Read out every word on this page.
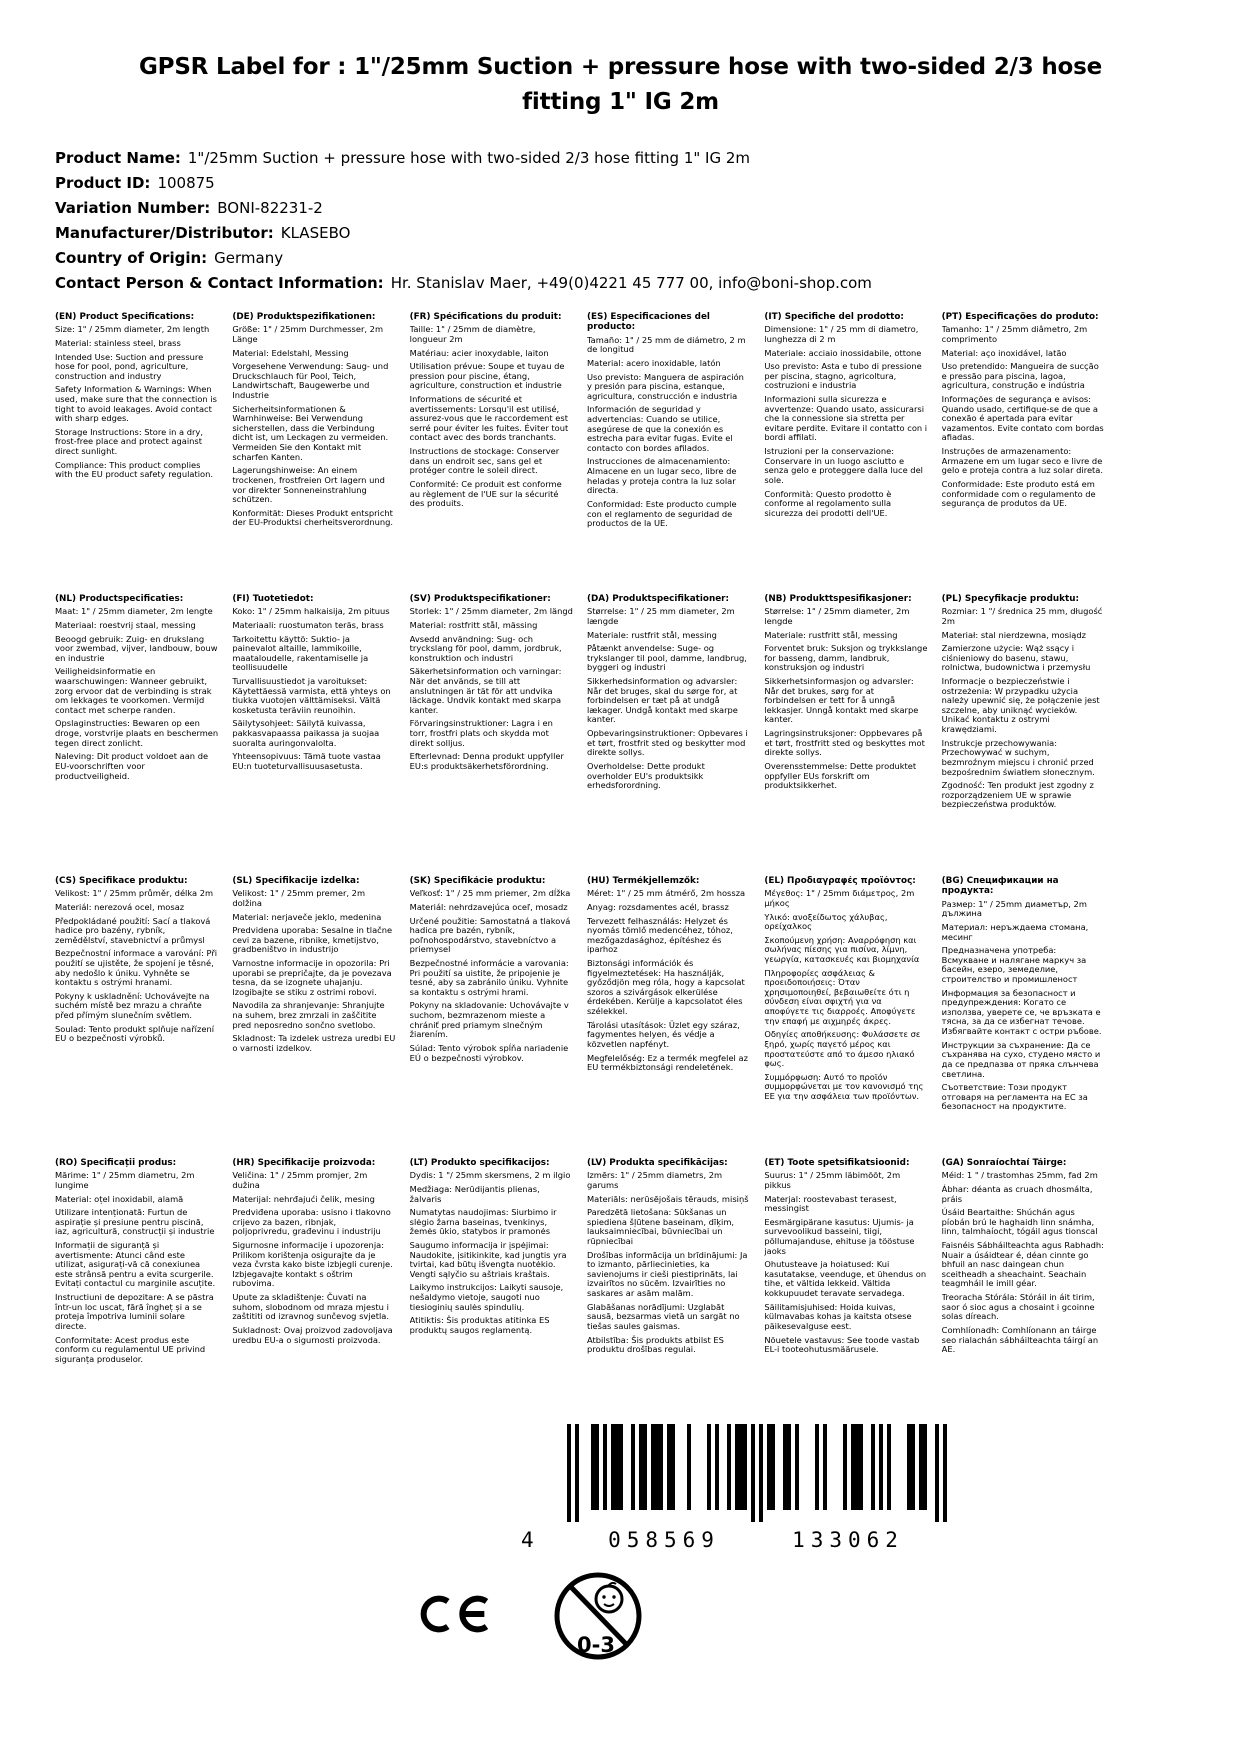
GPSR Label for : 1"/25mm Suction + pressure hose with two-sided 2/3 hose fitting 1" IG 2m
Product Name: 1"/25mm Suction + pressure hose with two-sided 2/3 hose fitting 1" IG 2m
Product ID: 100875
Variation Number: BONI-82231-2
Manufacturer/Distributor: KLASEBO
Country of Origin: Germany
Contact Person & Contact Information: Hr. Stanislav Maer, +49(0)4221 45 777 00, info@boni-shop.com
(EN) Product Specifications:

Size: 1" / 25mm diameter, 2m length

Material: stainless steel, brass

Intended Use: Suction and pressure hose for pool, pond, agriculture, construction and industry

Safety Information & Warnings: When used, make sure that the connection is tight to avoid leakages. Avoid contact with sharp edges.

Storage Instructions: Store in a dry, frost-free place and protect against direct sunlight.

Compliance: This product complies with the EU product safety regulation.

(DE) Produktspezifikationen:

Größe: 1" / 25mm Durchmesser, 2m Länge

Material: Edelstahl, Messing

Vorgesehene Verwendung: Saug- und Druckschlauch für Pool, Teich, Landwirtschaft, Baugewerbe und Industrie

Sicherheitsinformationen & Warnhinweise: Bei Verwendung sicherstellen, dass die Verbindung dicht ist, um Leckagen zu vermeiden. Vermeiden Sie den Kontakt mit scharfen Kanten.

Lagerungshinweise: An einem trockenen, frostfreien Ort lagern und vor direkter Sonneneinstrahlung schützen.

Konformität: Dieses Produkt entspricht der EU-Produktsi cherheitsverordnung.

(FR) Spécifications du produit:

Taille: 1" / 25mm de diamètre, longueur 2m

Matériau: acier inoxydable, laiton

Utilisation prévue: Soupe et tuyau de pression pour piscine, étang, agriculture, construction et industrie

Informations de sécurité et avertissements: Lorsqu'il est utilisé, assurez-vous que le raccordement est serré pour éviter les fuites. Éviter tout contact avec des bords tranchants.

Instructions de stockage: Conserver dans un endroit sec, sans gel et protéger contre le soleil direct.

Conformité: Ce produit est conforme au règlement de l'UE sur la sécurité des produits.

(ES) Especificaciones del producto:

Tamaño: 1" / 25 mm de diámetro, 2 m de longitud

Material: acero inoxidable, latón

Uso previsto: Manguera de aspiración y presión para piscina, estanque, agricultura, construcción e industria

Información de seguridad y advertencias: Cuando se utilice, asegúrese de que la conexión es estrecha para evitar fugas. Evite el contacto con bordes afilados.

Instrucciones de almacenamiento: Almacene en un lugar seco, libre de heladas y proteja contra la luz solar directa.

Conformidad: Este producto cumple con el reglamento de seguridad de productos de la UE.

(IT) Specifiche del prodotto:

Dimensione: 1" / 25 mm di diametro, lunghezza di 2 m

Materiale: acciaio inossidabile, ottone

Uso previsto: Asta e tubo di pressione per piscina, stagno, agricoltura, costruzioni e industria

Informazioni sulla sicurezza e avvertenze: Quando usato, assicurarsi che la connessione sia stretta per evitare perdite. Evitare il contatto con i bordi affilati.

Istruzioni per la conservazione: Conservare in un luogo asciutto e senza gelo e proteggere dalla luce del sole.

Conformità: Questo prodotto è conforme al regolamento sulla sicurezza dei prodotti dell'UE.

(PT) Especificações do produto:

Tamanho: 1" / 25mm diâmetro, 2m comprimento

Material: aço inoxidável, latão

Uso pretendido: Mangueira de sucção e pressão para piscina, lagoa, agricultura, construção e indústria

Informações de segurança e avisos: Quando usado, certifique-se de que a conexão é apertada para evitar vazamentos. Evite contato com bordas afiadas.

Instruções de armazenamento: Armazene em um lugar seco e livre de gelo e proteja contra a luz solar direta.

Conformidade: Este produto está em conformidade com o regulamento de segurança de produtos da UE.

(NL) Productspecificaties:

Maat: 1" / 25mm diameter, 2m lengte

Materiaal: roestvrij staal, messing

Beoogd gebruik: Zuig- en drukslang voor zwembad, vijver, landbouw, bouw en industrie

Veiligheidsinformatie en waarschuwingen: Wanneer gebruikt, zorg ervoor dat de verbinding is strak om lekkages te voorkomen. Vermijd contact met scherpe randen.

Opslaginstructies: Bewaren op een droge, vorstvrije plaats en beschermen tegen direct zonlicht.

Naleving: Dit product voldoet aan de EU-voorschriften voor productveiligheid.

(FI) Tuotetiedot:

Koko: 1" / 25mm halkaisija, 2m pituus

Materiaali: ruostumaton teräs, brass

Tarkoitettu käyttö: Suktio- ja painevalot altaille, lammikoille, maataloudelle, rakentamiselle ja teollisuudelle

Turvallisuustiedot ja varoitukset: Käytettäessä varmista, että yhteys on tiukka vuotojen välttämiseksi. Vältä kosketusta teräviin reunoihin.

Säilytysohjeet: Säilytä kuivassa, pakkasvapaassa paikassa ja suojaa suoralta auringonvalolta.

Yhteensopivuus: Tämä tuote vastaa EU:n tuoteturvallisuusasetusta.

(SV) Produktspecifikationer:

Storlek: 1" / 25mm diameter, 2m längd

Material: rostfritt stål, mässing

Avsedd användning: Sug- och tryckslang för pool, damm, jordbruk, konstruktion och industri

Säkerhetsinformation och varningar: När det används, se till att anslutningen är tät för att undvika läckage. Undvik kontakt med skarpa kanter.

Förvaringsinstruktioner: Lagra i en torr, frostfri plats och skydda mot direkt solljus.

Efterlevnad: Denna produkt uppfyller EU:s produktsäkerhetsförordning.

(DA) Produktspecifikationer:

Størrelse: 1" / 25 mm diameter, 2m længde

Materiale: rustfrit stål, messing

Påtænkt anvendelse: Suge- og trykslanger til pool, damme, landbrug, byggeri og industri

Sikkerhedsinformation og advarsler: Når det bruges, skal du sørge for, at forbindelsen er tæt på at undgå lækager. Undgå kontakt med skarpe kanter.

Opbevaringsinstruktioner: Opbevares i et tørt, frostfrit sted og beskytter mod direkte sollys.

Overholdelse: Dette produkt overholder EU's produktsikk erhedsforordning.

(NB) Produkttspesifikasjoner:

Størrelse: 1" / 25mm diameter, 2m lengde

Materiale: rustfritt stål, messing

Forventet bruk: Suksjon og trykkslange for basseng, damm, landbruk, konstruksjon og industri

Sikkerhetsinformasjon og advarsler: Når det brukes, sørg for at forbindelsen er tett for å unngå lekkasjer. Unngå kontakt med skarpe kanter.

Lagringsinstruksjoner: Oppbevares på et tørt, frostfritt sted og beskyttes mot direkte sollys.

Overensstemmelse: Dette produktet oppfyller EUs forskrift om produktsikkerhet.

(PL) Specyfikacje produktu:

Rozmiar: 1 "/ średnica 25 mm, długość 2m

Materiał: stal nierdzewna, mosiądz

Zamierzone użycie: Wąż ssący i ciśnieniowy do basenu, stawu, rolnictwa, budownictwa i przemysłu

Informacje o bezpieczeństwie i ostrzeżenia: W przypadku użycia należy upewnić się, że połączenie jest szczelne, aby uniknąć wycieków. Unikać kontaktu z ostrymi krawędziami.

Instrukcje przechowywania: Przechowywać w suchym, bezmroźnym miejscu i chronić przed bezpośrednim światłem słonecznym.

Zgodność: Ten produkt jest zgodny z rozporządzeniem UE w sprawie bezpieczeństwa produktów.

(CS) Specifikace produktu:

Velikost: 1" / 25mm průměr, délka 2m

Materiál: nerezová ocel, mosaz

Předpokládané použití: Sací a tlaková hadice pro bazény, rybník, zemědělství, stavebnictví a průmysl

Bezpečnostní informace a varování: Při použití se ujistěte, že spojení je těsné, aby nedošlo k úniku. Vyhněte se kontaktu s ostrými hranami.

Pokyny k uskladnění: Uchovávejte na suchém místě bez mrazu a chraňte před přímým slunečním světlem.

Soulad: Tento produkt splňuje nařízení EU o bezpečnosti výrobků.

(SL) Specifikacije izdelka:

Velikost: 1" / 25mm premer, 2m dolžina

Material: nerjaveče jeklo, medenina

Predvidena uporaba: Sesalne in tlačne cevi za bazene, ribnike, kmetijstvo, gradbeništvo in industrijo

Varnostne informacije in opozorila: Pri uporabi se prepričajte, da je povezava tesna, da se izognete uhajanju. Izogibajte se stiku z ostrimi robovi.

Navodila za shranjevanje: Shranjujte na suhem, brez zmrzali in zaščitite pred neposredno sončno svetlobo.

Skladnost: Ta izdelek ustreza uredbi EU o varnosti izdelkov.

(SK) Špecifikácie produktu:

Veľkosť: 1" / 25 mm priemer, 2m dĺžka

Materiál: nehrdzavejúca oceľ, mosadz

Určené použitie: Samostatná a tlaková hadica pre bazén, rybník, poľnohospodárstvo, stavebníctvo a priemysel

Bezpečnostné informácie a varovania: Pri použití sa uistite, že pripojenie je tesné, aby sa zabránilo úniku. Vyhnite sa kontaktu s ostrými hrami.

Pokyny na skladovanie: Uchovávajte v suchom, bezmrazenom mieste a chrániť pred priamym slnečným žiarením.

Súlad: Tento výrobok spĺňa nariadenie EÚ o bezpečnosti výrobkov.

(HU) Termékjellemzők:

Méret: 1" / 25 mm átmérő, 2m hossza

Anyag: rozsdamentes acél, brassz

Tervezett felhasználás: Helyzet és nyomás tömlő medencéhez, tóhoz, mezőgazdasághoz, építéshez és iparhoz

Biztonsági információk és figyelmeztetések: Ha használják, győződjön meg róla, hogy a kapcsolat szoros a szivárgások elkerülése érdekében. Kerülje a kapcsolatot éles szélekkel.

Tárolási utasítások: Üzlet egy száraz, fagymentes helyen, és védje a közvetlen napfényt.

Megfelelőség: Ez a termék megfelel az EU termékbiztonsági rendeletének.

(EL) Προδιαγραφές προϊόντος:

Μέγεθος: 1" / 25mm διάμετρος, 2m μήκος

Υλικό: ανοξείδωτος χάλυβας, ορείχαλκος

Σκοπούμενη χρήση: Αναρρόφηση και σωλήνας πίεσης για πισίνα, λίμνη, γεωργία, κατασκευές και βιομηχανία

Πληροφορίες ασφάλειας & προειδοποιήσεις: Όταν χρησιμοποιηθεί, βεβαιωθείτε ότι η σύνδεση είναι σφιχτή για να αποφύγετε τις διαρροές. Αποφύγετε την επαφή με αιχμηρές άκρες.

Οδηγίες αποθήκευσης: Φυλάσσετε σε ξηρό, χωρίς παγετό μέρος και προστατεύστε από το άμεσο ηλιακό φως.

Συμμόρφωση: Αυτό το προϊόν συμμορφώνεται με τον κανονισμό της ΕΕ για την ασφάλεια των προϊόντων.

(BG) Спецификации на продукта:

Размер: 1" / 25mm диаметър, 2m дължина

Материал: неръждаема стомана, месинг

Предназначена употреба: Всмукване и налягане маркуч за басейн, езеро, земеделие, строителство и промишленост

Информация за безопасност и предупреждения: Когато се използва, уверете се, че връзката е тясна, за да се избегнат течове. Избягвайте контакт с остри ръбове.

Инструкции за съхранение: Да се съхранява на сухо, студено място и да се предпазва от пряка слънчева светлина.

Съответствие: Този продукт отговаря на регламента на ЕС за безопасност на продуктите.

(RO) Specificații produs:

Mărime: 1" / 25mm diametru, 2m lungime

Material: oțel inoxidabil, alamă

Utilizare intenționată: Furtun de aspirație și presiune pentru piscină, iaz, agricultură, construcții și industrie

Informații de siguranță și avertismente: Atunci când este utilizat, asigurați-vă că conexiunea este strânsă pentru a evita scurgerile. Evitați contactul cu marginile ascuțite.

Instructiuni de depozitare: A se păstra într-un loc uscat, fără îngheț și a se proteja împotriva luminii solare directe.

Conformitate: Acest produs este conform cu regulamentul UE privind siguranța produselor.

(HR) Specifikacije proizvoda:

Veličina: 1" / 25mm promjer, 2m dužina

Materijal: nehrđajući čelik, mesing

Predviđena uporaba: usisno i tlakovno crijevo za bazen, ribnjak, poljoprivredu, građevinu i industriju

Sigurnosne informacije i upozorenja: Prilikom korištenja osigurajte da je veza čvrsta kako biste izbjegli curenje. Izbjegavajte kontakt s oštrim rubovima.

Upute za skladištenje: Čuvati na suhom, slobodnom od mraza mjestu i zaštititi od izravnog sunčevog svjetla.

Sukladnost: Ovaj proizvod zadovoljava uredbu EU-a o sigurnosti proizvoda.

(LT) Produkto specifikacijos:

Dydis: 1 "/ 25mm skersmens, 2 m ilgio

Medžiaga: Nerūdijantis plienas, žalvaris

Numatytas naudojimas: Siurbimo ir slėgio žarna baseinas, tvenkinys, žemės ūkio, statybos ir pramonės

Saugumo informacija ir įspėjimai: Naudokite, įsitikinkite, kad jungtis yra tvirtai, kad būtų išvengta nuotėkio. Vengti sąlyčio su aštriais kraštais.

Laikymo instrukcijos: Laikyti sausoje, nešaldymo vietoje, saugoti nuo tiesioginių saulės spindulių.

Atitiktis: Šis produktas atitinka ES produktų saugos reglamentą.

(LV) Produkta specifikācijas:

Izmērs: 1" / 25mm diametrs, 2m garums

Materiāls: nerūsējošais tērauds, misiņš

Paredzētā lietošana: Sūkšanas un spiediena šļūtene baseinam, dīķim, lauksaimniecībai, būvniecībai un rūpniecībai

Drošības informācija un brīdinājumi: Ja to izmanto, pārliecinieties, ka savienojums ir cieši piestiprināts, lai izvairītos no sūcēm. Izvairīties no saskares ar asām malām.

Glabāšanas norādījumi: Uzglabāt sausā, bezsarmas vietā un sargāt no tiešas saules gaismas.

Atbilstība: Šis produkts atbilst ES produktu drošības regulai.

(ET) Toote spetsifikatsioonid:

Suurus: 1" / 25mm läbimõõt, 2m pikkus

Materjal: roostevabast terasest, messingist

Eesmärgipärane kasutus: Ujumis- ja survevoolikud basseini, tiigi, põllumajanduse, ehituse ja tööstuse jaoks

Ohutusteave ja hoiatused: Kui kasutatakse, veenduge, et ühendus on tihe, et vältida lekkeid. Vältida kokkupuudet teravate servadega.

Säilitamisjuhised: Hoida kuivas, külmavabas kohas ja kaitsta otsese päikesevalguse eest.

Nõuetele vastavus: See toode vastab EL-i tooteohutusmäärusele.

(GA) Sonraíochtaí Táirge:

Méid: 1 " / trastomhas 25mm, fad 2m

Ábhar: déanta as cruach dhosmálta, práis

Úsáid Beartaithe: Shúchán agus píobán brú le haghaidh linn snámha, linn, talmhaíocht, tógáil agus tionscal

Faisnéis Sábháilteachta agus Rabhadh: Nuair a úsáidtear é, déan cinnte go bhfuil an nasc daingean chun sceitheadh a sheachaint. Seachain teagmháil le imill géar.

Treoracha Stórála: Stóráil in áit tirim, saor ó sioc agus a chosaint i gcoinne solas díreach.

Comhlíonadh: Comhlíonann an táirge seo rialachán sábháilteachta táirgí an AE.

4	058569	133062
0-3
